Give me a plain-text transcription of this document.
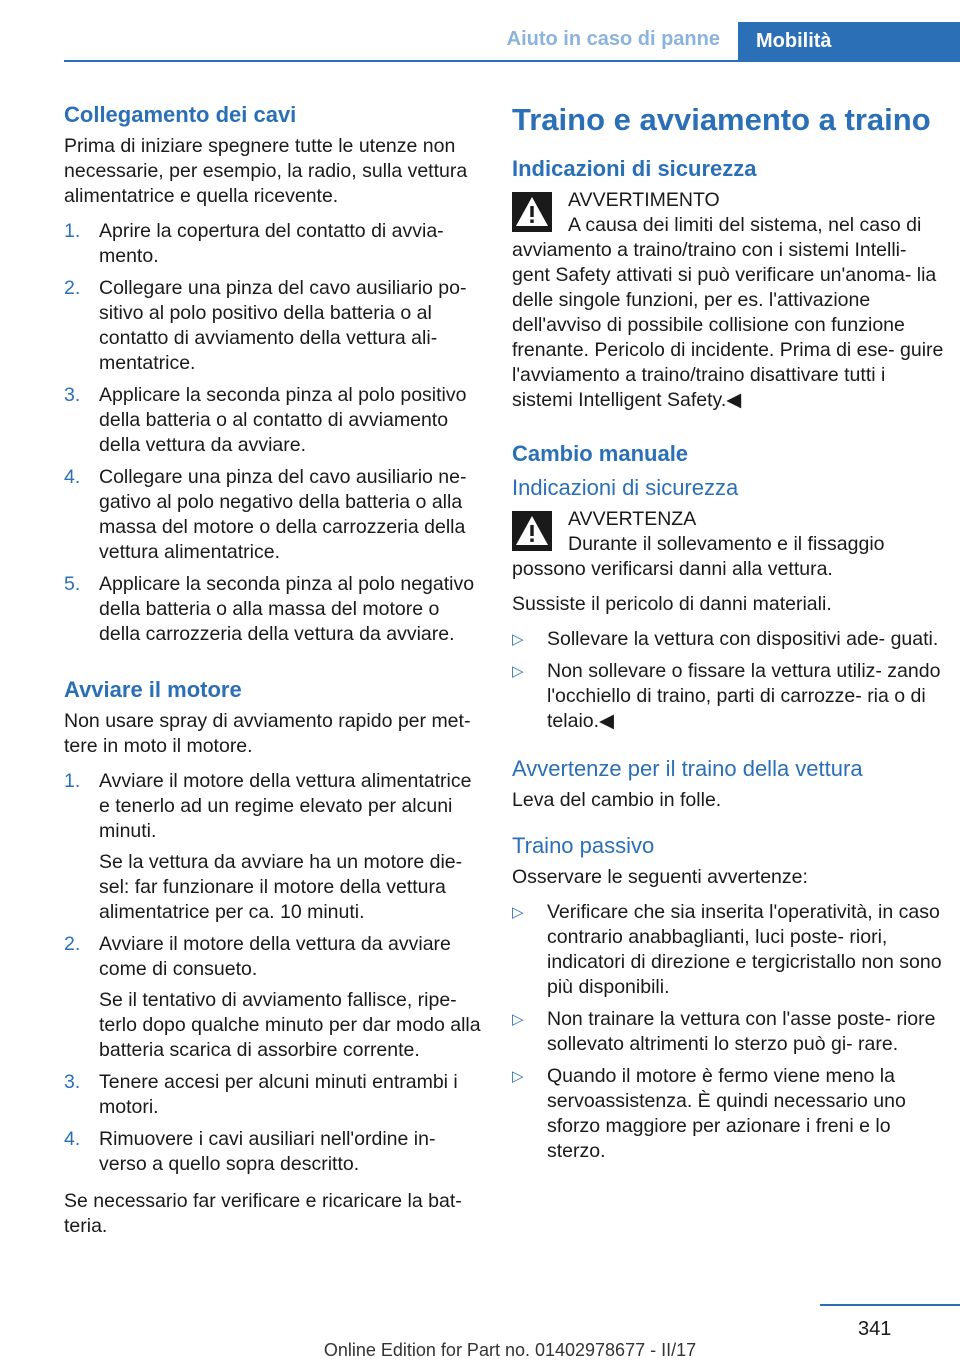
Aiuto in caso di panne	Mobilità
Collegamento dei cavi

Prima di iniziare spegnere tutte le utenze non necessarie, per esempio, la radio, sulla vettura alimentatrice e quella ricevente.

1. Aprire la copertura del contatto di avvia‐ mento.
2. Collegare una pinza del cavo ausiliario po‐ sitivo al polo positivo della batteria o al contatto di avviamento della vettura ali‐ mentatrice.
3. Applicare la seconda pinza al polo positivo della batteria o al contatto di avviamento della vettura da avviare.
4. Collegare una pinza del cavo ausiliario ne‐ gativo al polo negativo della batteria o alla massa del motore o della carrozzeria della vettura alimentatrice.
5. Applicare la seconda pinza al polo negativo della batteria o alla massa del motore o della carrozzeria della vettura da avviare.
Avviare il motore

Non usare spray di avviamento rapido per met‐ tere in moto il motore.

1. Avviare il motore della vettura alimentatrice e tenerlo ad un regime elevato per alcuni minuti.

Se la vettura da avviare ha un motore die‐ sel: far funzionare il motore della vettura alimentatrice per ca. 10 minuti.

2. Avviare il motore della vettura da avviare come di consueto.

Se il tentativo di avviamento fallisce, ripe‐ terlo dopo qualche minuto per dar modo alla batteria scarica di assorbire corrente.

3. Tenere accesi per alcuni minuti entrambi i motori.

4. Rimuovere i cavi ausiliari nell'ordine in‐ verso a quello sopra descritto.

Se necessario far verificare e ricaricare la bat‐ teria.

Traino e avviamento a traino
Indicazioni di sicurezza
AVVERTIMENTO
A causa dei limiti del sistema, nel caso di avviamento a traino/traino con i sistemi Intelli‐ gent Safety attivati si può verificare un'anoma‐ lia delle singole funzioni, per es. l'attivazione dell'avviso di possibile collisione con funzione frenante. Pericolo di incidente. Prima di ese‐ guire l'avviamento a traino/traino disattivare tutti i sistemi Intelligent Safety.◀
Cambio manuale
Indicazioni di sicurezza
AVVERTENZA
Durante il sollevamento e il fissaggio possono verificarsi danni alla vettura.

Sussiste il pericolo di danni materiali.

▷ Sollevare la vettura con dispositivi ade‐ guati.
▷ Non sollevare o fissare la vettura utiliz‐ zando l'occhiello di traino, parti di carrozze‐ ria o di telaio.◀
Avvertenze per il traino della vettura

Leva del cambio in folle.

Traino passivo

Osservare le seguenti avvertenze:

▷ Verificare che sia inserita l'operatività, in caso contrario anabbaglianti, luci poste‐ riori, indicatori di direzione e tergicristallo non sono più disponibili.
▷ Non trainare la vettura con l'asse poste‐ riore sollevato altrimenti lo sterzo può gi‐ rare.
▷ Quando il motore è fermo viene meno la servoassistenza. È quindi necessario uno sforzo maggiore per azionare i freni e lo sterzo.
341
Online Edition for Part no. 01402978677 - II/17
